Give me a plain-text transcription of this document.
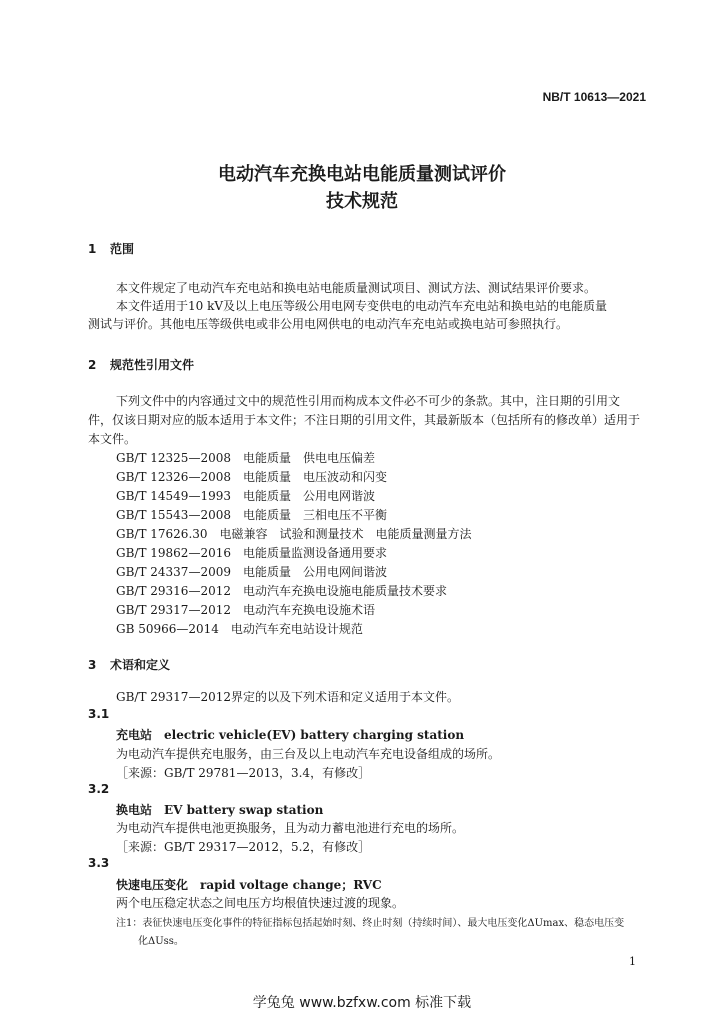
NB/T 10613—2021
电动汽车充换电站电能质量测试评价
技术规范
1 范围
本文件规定了电动汽车充电站和换电站电能质量测试项目、测试方法、测试结果评价要求。
本文件适用于10 kV及以上电压等级公用电网专变供电的电动汽车充电站和换电站的电能质量
测试与评价。其他电压等级供电或非公用电网供电的电动汽车充电站或换电站可参照执行。
2 规范性引用文件
下列文件中的内容通过文中的规范性引用而构成本文件必不可少的条款。其中，注日期的引用文
件，仅该日期对应的版本适用于本文件；不注日期的引用文件，其最新版本（包括所有的修改单）适用于
本文件。
GB/T 12325—2008　电能质量　供电电压偏差
GB/T 12326—2008　电能质量　电压波动和闪变
GB/T 14549—1993　电能质量　公用电网谐波
GB/T 15543—2008　电能质量　三相电压不平衡
GB/T 17626.30　电磁兼容　试验和测量技术　电能质量测量方法
GB/T 19862—2016　电能质量监测设备通用要求
GB/T 24337—2009　电能质量　公用电网间谐波
GB/T 29316—2012　电动汽车充换电设施电能质量技术要求
GB/T 29317—2012　电动汽车充换电设施术语
GB 50966—2014　电动汽车充电站设计规范
3 术语和定义
GB/T 29317—2012界定的以及下列术语和定义适用于本文件。
3.1
充电站　electric vehicle(EV) battery charging station
为电动汽车提供充电服务，由三台及以上电动汽车充电设备组成的场所。
［来源：GB/T 29781—2013，3.4，有修改］
3.2
换电站　EV battery swap station
为电动汽车提供电池更换服务，且为动力蓄电池进行充电的场所。
［来源：GB/T 29317—2012，5.2，有修改］
3.3
快速电压变化　rapid voltage change；RVC
两个电压稳定状态之间电压方均根值快速过渡的现象。
注1：表征快速电压变化事件的特征指标包括起始时刻、终止时刻（持续时间）、最大电压变化ΔUmax、稳态电压变
化ΔUss。
1
学兔兔 www.bzfxw.com 标准下载
